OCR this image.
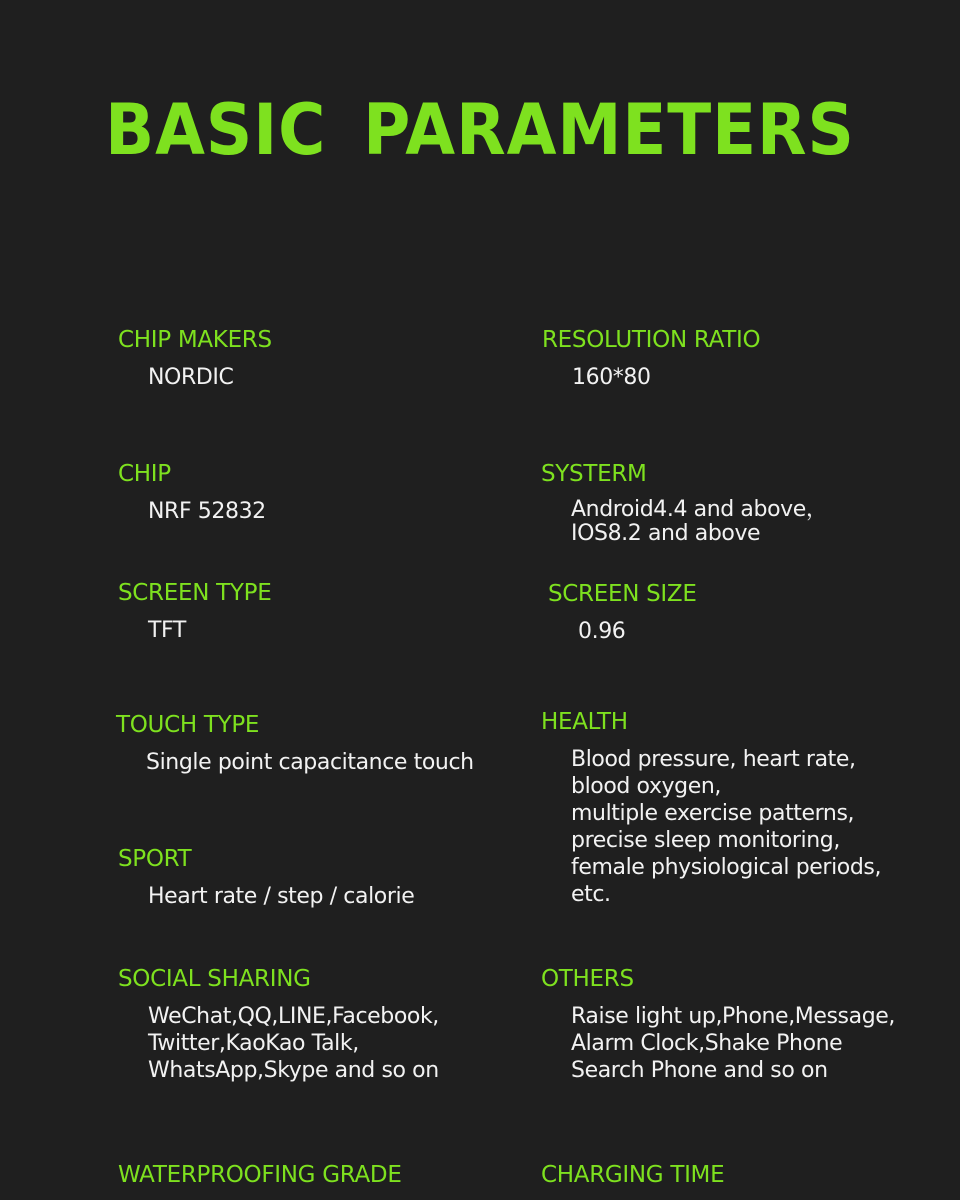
BASIC PARAMETERS
CHIP MAKERS
NORDIC
CHIP
NRF 52832
SCREEN TYPE
TFT
TOUCH TYPE
Single point capacitance touch
SPORT
Heart rate / step / calorie
SOCIAL SHARING
WeChat,QQ,LINE,Facebook,
Twitter,KaoKao Talk,
WhatsApp,Skype and so on
WATERPROOFING GRADE
RESOLUTION RATIO
160*80
SYSTERM
Android4.4 and above，
IOS8.2 and above
SCREEN SIZE
0.96
HEALTH
Blood pressure, heart rate,
blood oxygen,
multiple exercise patterns,
precise sleep monitoring,
female physiological periods,
etc.
OTHERS
Raise light up,Phone,Message,
Alarm Clock,Shake Phone
Search Phone and so on
CHARGING TIME
